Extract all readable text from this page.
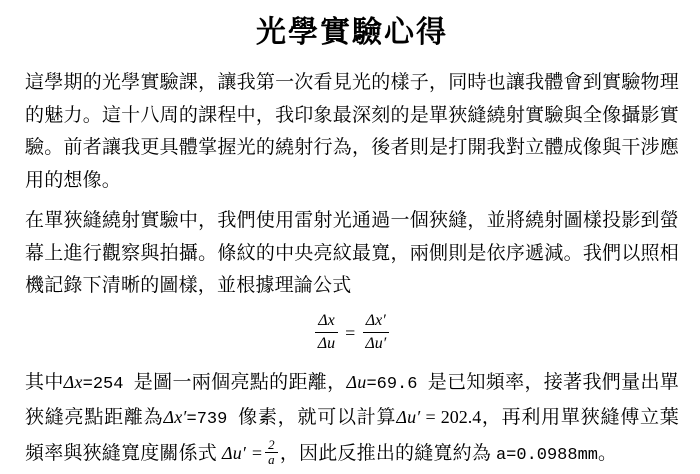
光學實驗心得

這學期的光學實驗課，讓我第一次看見光的樣子，同時也讓我體會到實驗物理的魅力。這十八周的課程中，我印象最深刻的是單狹縫繞射實驗與全像攝影實驗。前者讓我更具體掌握光的繞射行為，後者則是打開我對立體成像與干涉應用的想像。

在單狹縫繞射實驗中，我們使用雷射光通過一個狹縫，並將繞射圖樣投影到螢幕上進行觀察與拍攝。條紋的中央亮紋最寬，兩側則是依序遞減。我們以照相機記錄下清晰的圖樣，並根據理論公式

$\frac{\Delta x}{\Delta u} = \frac{\Delta x'}{\Delta u'}$

其中Δx=254 是圖一兩個亮點的距離，Δu=69.6 是已知頻率，接著我們量出單狹縫亮點距離為Δx′=739 像素，就可以計算Δu′ = 202.4，再利用單狹縫傅立葉頻率與狹縫寬度關係式 $\Delta u' = \frac{2}{a}$ ，因此反推出的縫寬約為 a=0.0988mm。
